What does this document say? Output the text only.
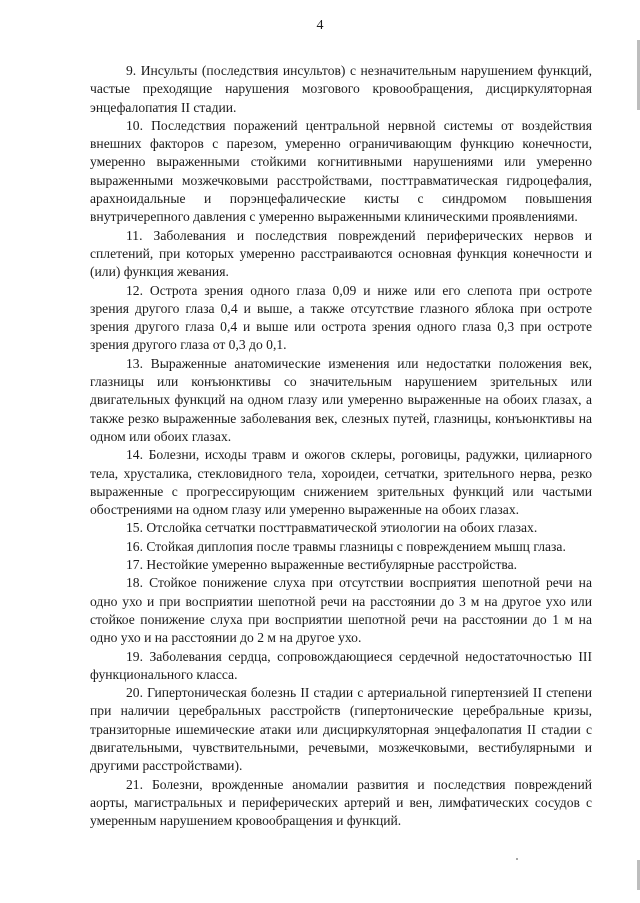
4

9. Инсульты (последствия инсультов) с незначительным нарушением функций, частые преходящие нарушения мозгового кровообращения, дисциркуляторная энцефалопатия II стадии.

10. Последствия поражений центральной нервной системы от воздействия внешних факторов с парезом, умеренно ограничивающим функцию конечности, умеренно выраженными стойкими когнитивными нарушениями или умеренно выраженными мозжечковыми расстройствами, посттравматическая гидроцефалия, арахноидальные и порэнцефалические кисты с синдромом повышения внутричерепного давления с умеренно выраженными клиническими проявлениями.

11. Заболевания и последствия повреждений периферических нервов и сплетений, при которых умеренно расстраиваются основная функция конечности и (или) функция жевания.

12. Острота зрения одного глаза 0,09 и ниже или его слепота при остроте зрения другого глаза 0,4 и выше, а также отсутствие глазного яблока при остроте зрения другого глаза 0,4 и выше или острота зрения одного глаза 0,3 при остроте зрения другого глаза от 0,3 до 0,1.

13. Выраженные анатомические изменения или недостатки положения век, глазницы или конъюнктивы со значительным нарушением зрительных или двигательных функций на одном глазу или умеренно выраженные на обоих глазах, а также резко выраженные заболевания век, слезных путей, глазницы, конъюнктивы на одном или обоих глазах.

14. Болезни, исходы травм и ожогов склеры, роговицы, радужки, цилиарного тела, хрусталика, стекловидного тела, хороидеи, сетчатки, зрительного нерва, резко выраженные с прогрессирующим снижением зрительных функций или частыми обострениями на одном глазу или умеренно выраженные на обоих глазах.

15. Отслойка сетчатки посттравматической этиологии на обоих глазах.

16. Стойкая диплопия после травмы глазницы с повреждением мышц глаза.

17. Нестойкие умеренно выраженные вестибулярные расстройства.

18. Стойкое понижение слуха при отсутствии восприятия шепотной речи на одно ухо и при восприятии шепотной речи на расстоянии до 3 м на другое ухо или стойкое понижение слуха при восприятии шепотной речи на расстоянии до 1 м на одно ухо и на расстоянии до 2 м на другое ухо.

19. Заболевания сердца, сопровождающиеся сердечной недостаточностью III функционального класса.

20. Гипертоническая болезнь II стадии с артериальной гипертензией II степени при наличии церебральных расстройств (гипертонические церебральные кризы, транзиторные ишемические атаки или дисциркуляторная энцефалопатия II стадии с двигательными, чувствительными, речевыми, мозжечковыми, вестибулярными и другими расстройствами).

21. Болезни, врожденные аномалии развития и последствия повреждений аорты, магистральных и периферических артерий и вен, лимфатических сосудов с умеренным нарушением кровообращения и функций.
